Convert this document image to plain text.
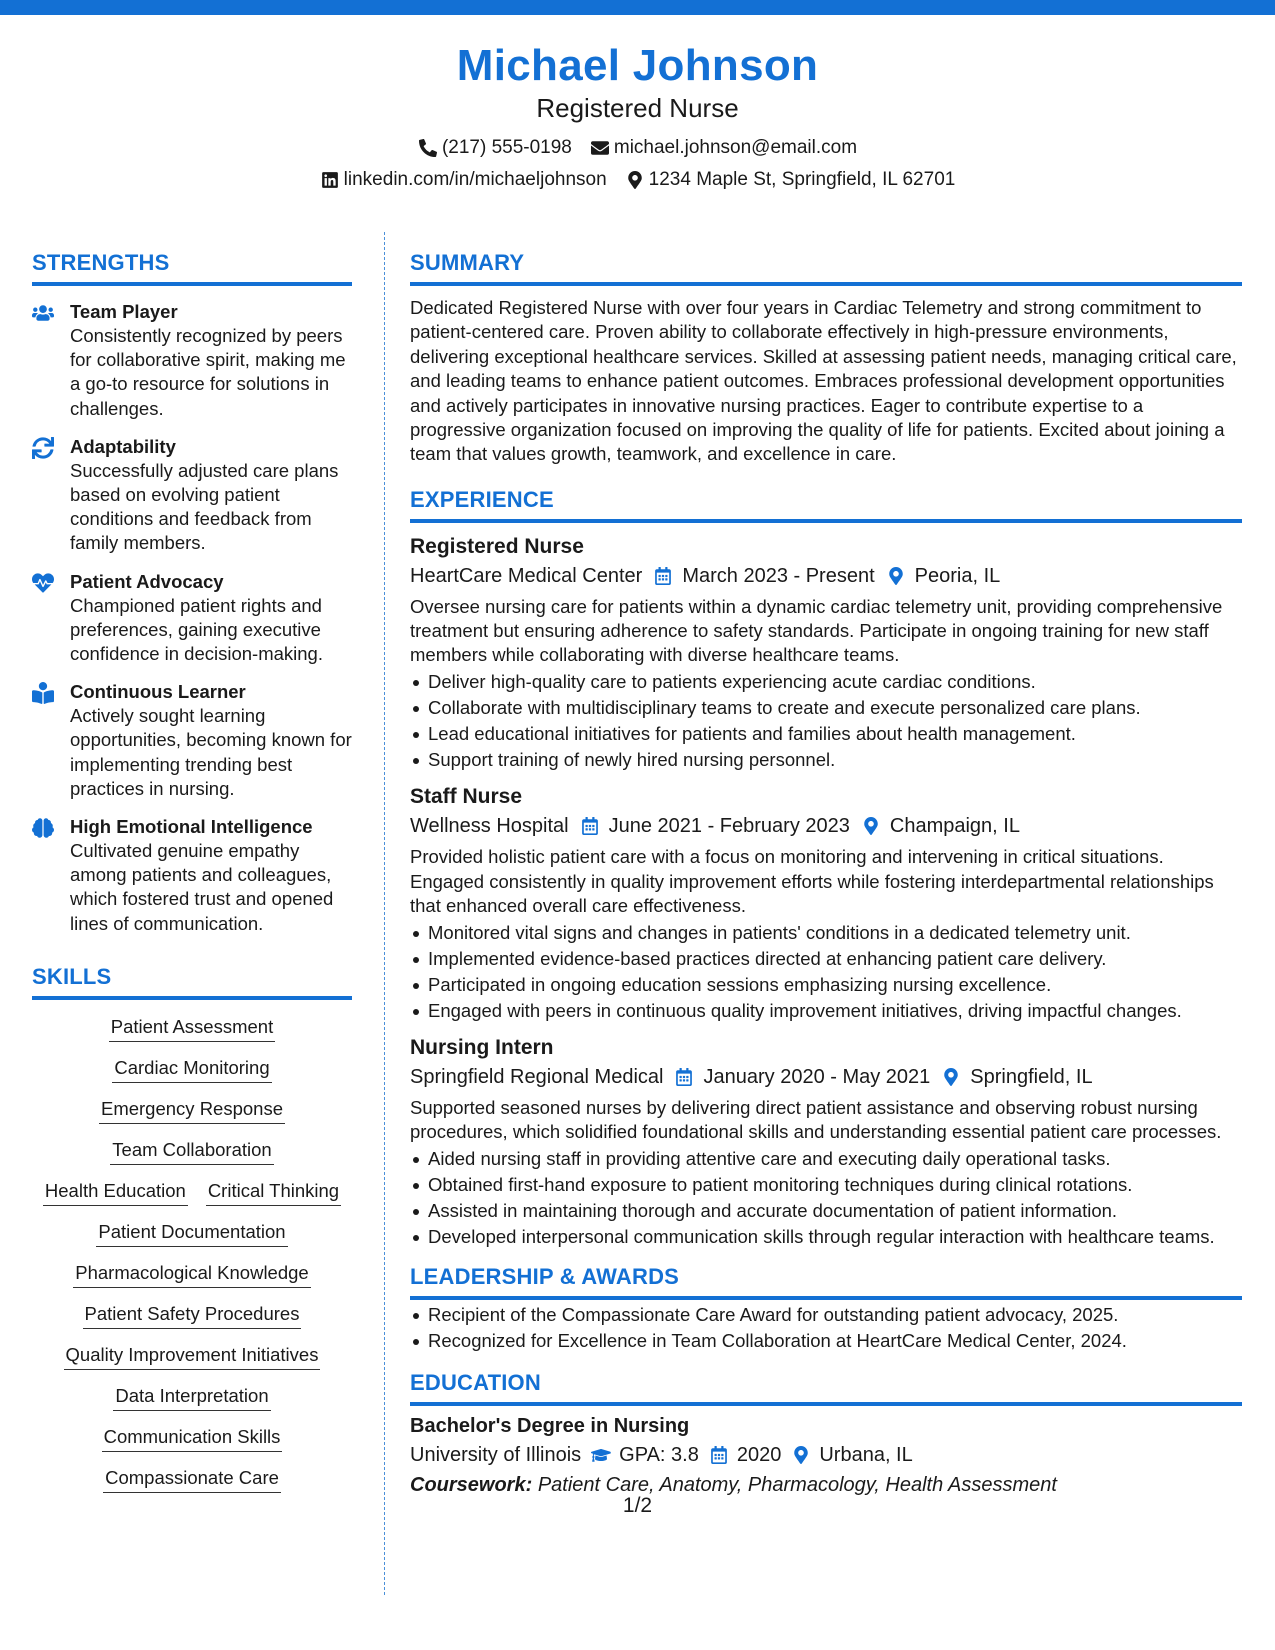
Michael Johnson
Registered Nurse
(217) 555-0198 michael.johnson@email.com
linkedin.com/in/michaeljohnson 1234 Maple St, Springfield, IL 62701
STRENGTHS
Team Player
Consistently recognized by peers for collaborative spirit, making me a go-to resource for solutions in challenges.
Adaptability
Successfully adjusted care plans based on evolving patient conditions and feedback from family members.
Patient Advocacy
Championed patient rights and preferences, gaining executive confidence in decision-making.
Continuous Learner
Actively sought learning opportunities, becoming known for implementing trending best practices in nursing.
High Emotional Intelligence
Cultivated genuine empathy among patients and colleagues, which fostered trust and opened lines of communication.
SKILLS
Patient Assessment
Cardiac Monitoring
Emergency Response
Team Collaboration
Health Education Critical Thinking
Patient Documentation
Pharmacological Knowledge
Patient Safety Procedures
Quality Improvement Initiatives
Data Interpretation
Communication Skills
Compassionate Care
SUMMARY

Dedicated Registered Nurse with over four years in Cardiac Telemetry and strong commitment to patient-centered care. Proven ability to collaborate effectively in high-pressure environments, delivering exceptional healthcare services. Skilled at assessing patient needs, managing critical care, and leading teams to enhance patient outcomes. Embraces professional development opportunities and actively participates in innovative nursing practices. Eager to contribute expertise to a progressive organization focused on improving the quality of life for patients. Excited about joining a team that values growth, teamwork, and excellence in care.

EXPERIENCE
Registered Nurse
HeartCare Medical Center March 2023 - Present Peoria, IL

Oversee nursing care for patients within a dynamic cardiac telemetry unit, providing comprehensive treatment but ensuring adherence to safety standards. Participate in ongoing training for new staff members while collaborating with diverse healthcare teams.

Deliver high-quality care to patients experiencing acute cardiac conditions.
Collaborate with multidisciplinary teams to create and execute personalized care plans.
Lead educational initiatives for patients and families about health management.
Support training of newly hired nursing personnel.
Staff Nurse
Wellness Hospital June 2021 - February 2023 Champaign, IL

Provided holistic patient care with a focus on monitoring and intervening in critical situations. Engaged consistently in quality improvement efforts while fostering interdepartmental relationships that enhanced overall care effectiveness.

Monitored vital signs and changes in patients' conditions in a dedicated telemetry unit.
Implemented evidence-based practices directed at enhancing patient care delivery.
Participated in ongoing education sessions emphasizing nursing excellence.
Engaged with peers in continuous quality improvement initiatives, driving impactful changes.
Nursing Intern
Springfield Regional Medical January 2020 - May 2021 Springfield, IL

Supported seasoned nurses by delivering direct patient assistance and observing robust nursing procedures, which solidified foundational skills and understanding essential patient care processes.

Aided nursing staff in providing attentive care and executing daily operational tasks.
Obtained first-hand exposure to patient monitoring techniques during clinical rotations.
Assisted in maintaining thorough and accurate documentation of patient information.
Developed interpersonal communication skills through regular interaction with healthcare teams.
LEADERSHIP & AWARDS
Recipient of the Compassionate Care Award for outstanding patient advocacy, 2025.
Recognized for Excellence in Team Collaboration at HeartCare Medical Center, 2024.
EDUCATION
Bachelor's Degree in Nursing
University of Illinois GPA: 3.8 2020 Urbana, IL
Coursework: Patient Care, Anatomy, Pharmacology, Health Assessment
1/2
